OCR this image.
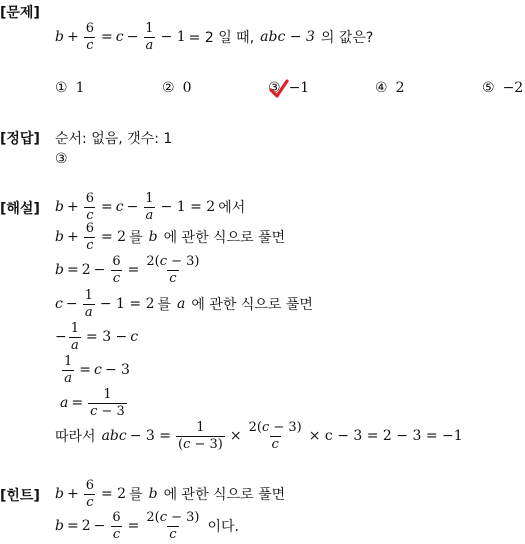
[문제]
$b + \frac{6}{c} = c - \frac{1}{a} - 1 = 2$ 일 때, abc − 3 의 값은?
① 1	② 0	③ −1	④ 2	⑤ −2
[정답] 순서: 없음, 갯수: 1
③
[해설] $b + \frac{6}{c} = c - \frac{1}{a} - 1 = 2$ 에서
$b + \frac{6}{c} = 2$ 를 b 에 관한 식으로 풀면
$b = 2 - \frac{6}{c} = \frac{2(c - 3)}{c}$
$c - \frac{1}{a} - 1 = 2$ 를 a 에 관한 식으로 풀면
− $\frac{1}{a} = 3 - c$
$\frac{1}{a} = c - 3$
$a = \frac{1}{c - 3}$
따라서 abc − $3 = \frac{1}{(c - 3)} \times \frac{2(c - 3)}{c} \times c - 3 = 2 - 3 = -1$
[힌트] $b + \frac{6}{c} = 2$ 를 b 에 관한 식으로 풀면
$b = 2 - \frac{6}{c} = \frac{2(c - 3)}{c}$ 이다.
